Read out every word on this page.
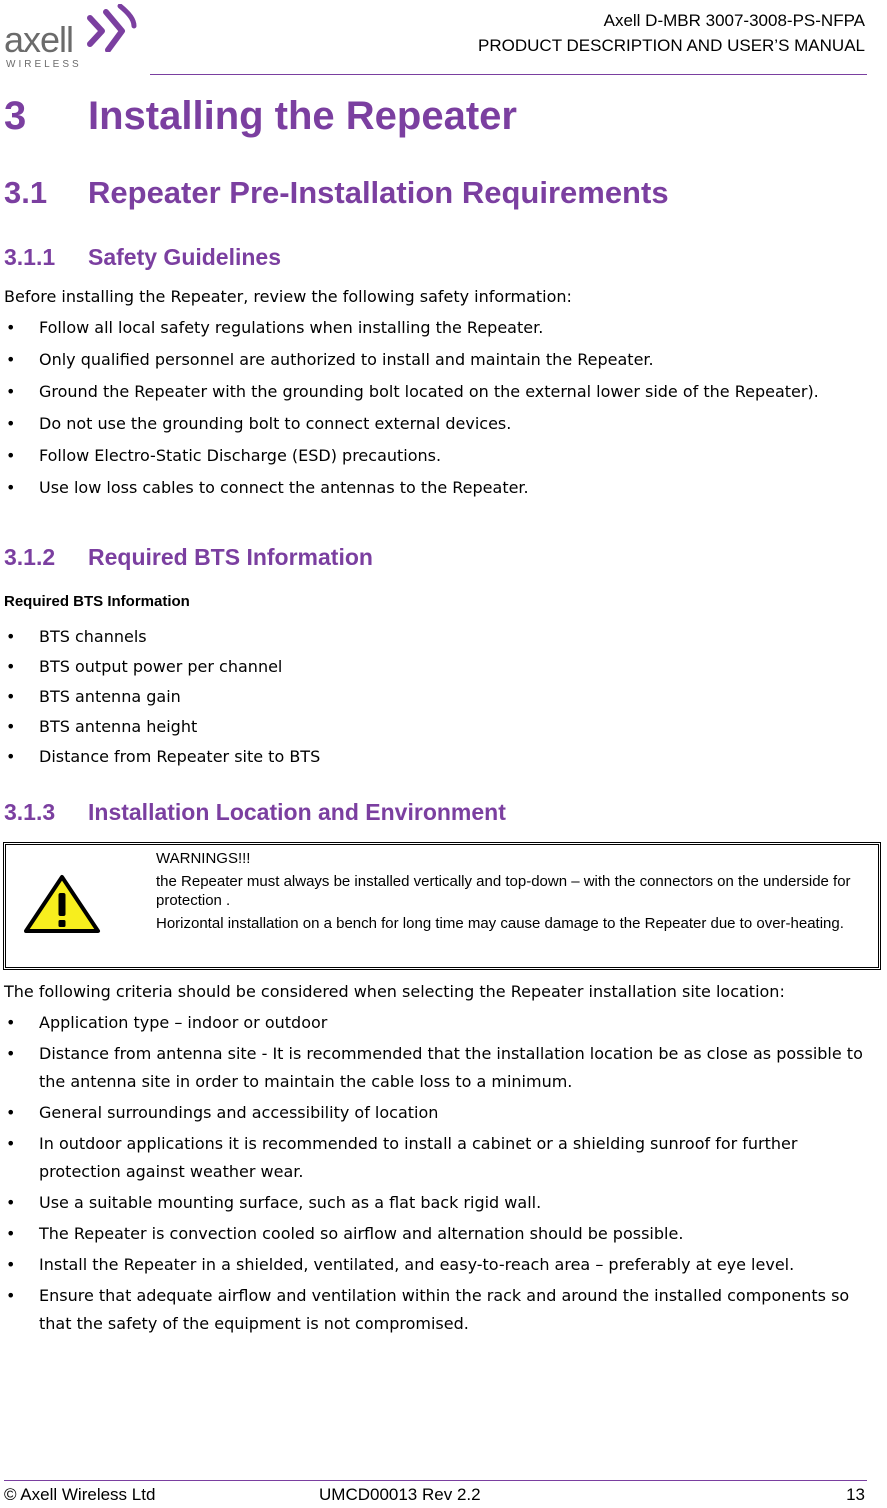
axell
WIRELESS
Axell D-MBR 3007-3008-PS-NFPA
PRODUCT DESCRIPTION AND USER’S MANUAL
3 Installing the Repeater
3.1 Repeater Pre-Installation Requirements
3.1.1 Safety Guidelines

Before installing the Repeater, review the following safety information:

• Follow all local safety regulations when installing the Repeater.
• Only qualified personnel are authorized to install and maintain the Repeater.
• Ground the Repeater with the grounding bolt located on the external lower side of the Repeater).
• Do not use the grounding bolt to connect external devices.
• Follow Electro-Static Discharge (ESD) precautions.
• Use low loss cables to connect the antennas to the Repeater.
3.1.2 Required BTS Information
Required BTS Information
• BTS channels
• BTS output power per channel
• BTS antenna gain
• BTS antenna height
• Distance from Repeater site to BTS
3.1.3 Installation Location and Environment

WARNINGS!!!

the Repeater must always be installed vertically and top-down – with the connectors on the underside for protection .

Horizontal installation on a bench for long time may cause damage to the Repeater due to over-heating.

The following criteria should be considered when selecting the Repeater installation site location:

• Application type – indoor or outdoor
• Distance from antenna site - It is recommended that the installation location be as close as possible to the antenna site in order to maintain the cable loss to a minimum.
• General surroundings and accessibility of location
• In outdoor applications it is recommended to install a cabinet or a shielding sunroof for further protection against weather wear.
• Use a suitable mounting surface, such as a flat back rigid wall.
• The Repeater is convection cooled so airflow and alternation should be possible.
• Install the Repeater in a shielded, ventilated, and easy-to-reach area – preferably at eye level.
• Ensure that adequate airflow and ventilation within the rack and around the installed components so that the safety of the equipment is not compromised.
© Axell Wireless Ltd	UMCD00013 Rev 2.2	13
